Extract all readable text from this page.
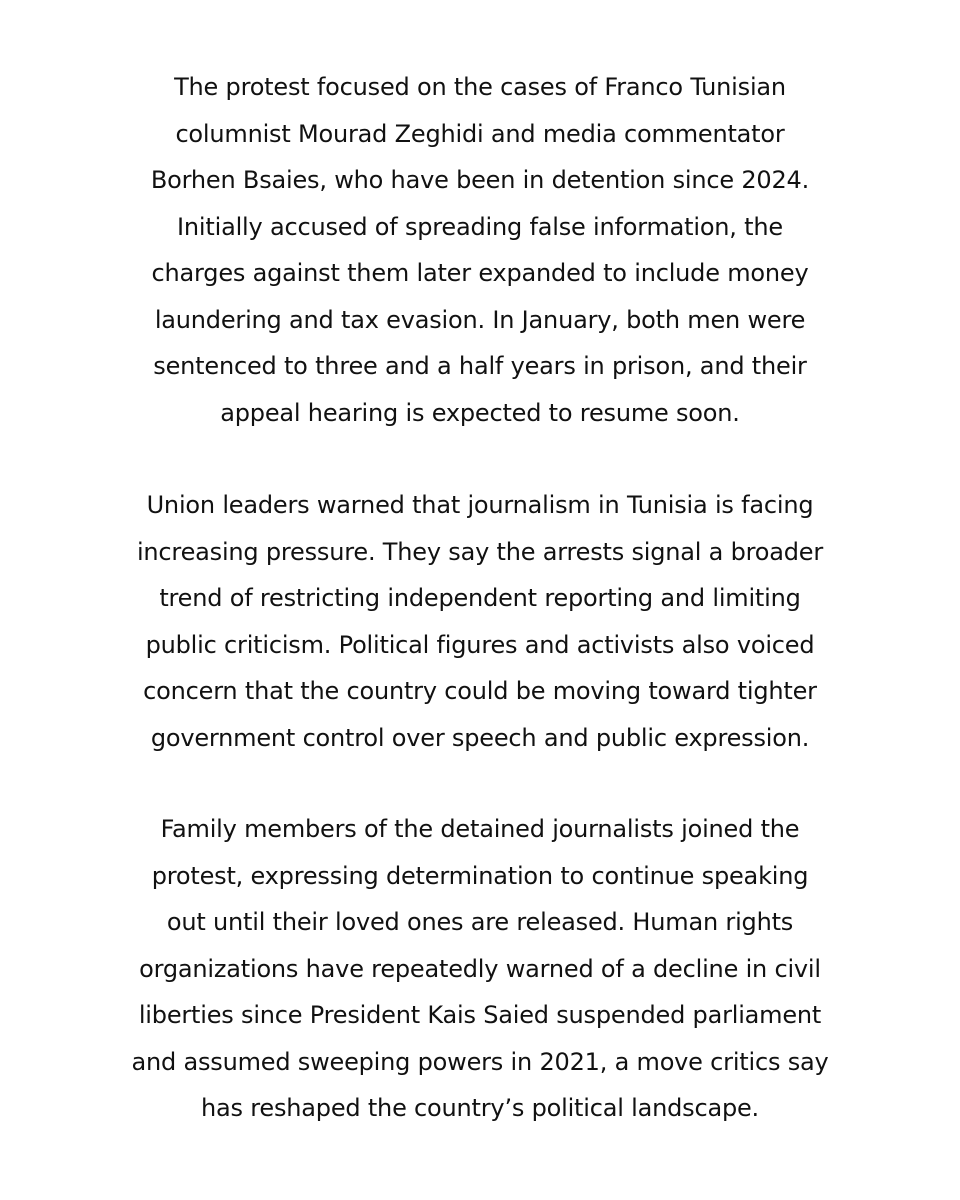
The protest focused on the cases of Franco Tunisian
columnist Mourad Zeghidi and media commentator
Borhen Bsaies, who have been in detention since 2024.
Initially accused of spreading false information, the
charges against them later expanded to include money
laundering and tax evasion. In January, both men were
sentenced to three and a half years in prison, and their
appeal hearing is expected to resume soon.

Union leaders warned that journalism in Tunisia is facing
increasing pressure. They say the arrests signal a broader
trend of restricting independent reporting and limiting
public criticism. Political figures and activists also voiced
concern that the country could be moving toward tighter
government control over speech and public expression.

Family members of the detained journalists joined the
protest, expressing determination to continue speaking
out until their loved ones are released. Human rights
organizations have repeatedly warned of a decline in civil
liberties since President Kais Saied suspended parliament
and assumed sweeping powers in 2021, a move critics say
has reshaped the country’s political landscape.
